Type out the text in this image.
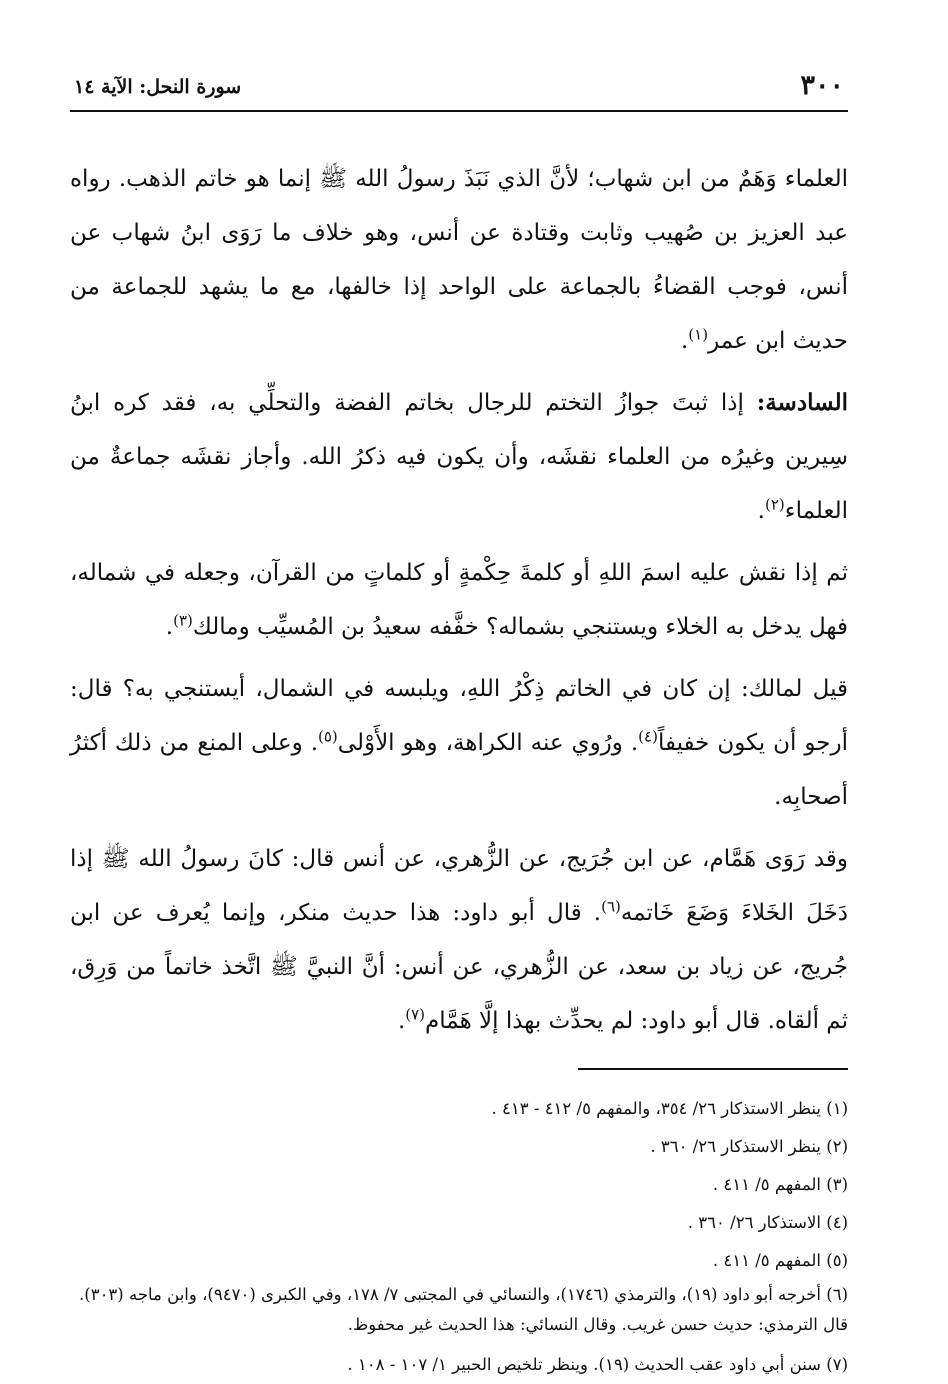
٣٠٠
سورة النحل: الآية ١٤

العلماء وَهَمٌ من ابن شهاب؛ لأنَّ الذي نَبَذَ رسولُ الله ﷺ إنما هو خاتم الذهب. رواه عبد العزيز بن صُهيب وثابت وقتادة عن أنس، وهو خلاف ما رَوَى ابنُ شهاب عن أنس، فوجب القضاءُ بالجماعة على الواحد إذا خالفها، مع ما يشهد للجماعة من حديث ابن عمر$^{(١)}$.

السادسة: إذا ثبتَ جوازُ التختم للرجال بخاتم الفضة والتحلِّي به، فقد كره ابنُ سِيرين وغيرُه من العلماء نقشَه، وأن يكون فيه ذكرُ الله. وأجاز نقشَه جماعةٌ من العلماء$^{(٢)}$.

ثم إذا نقش عليه اسمَ اللهِ أو كلمةَ حِكْمةٍ أو كلماتٍ من القرآن، وجعله في شماله، فهل يدخل به الخلاء ويستنجي بشماله؟ خفَّفه سعيدُ بن المُسيِّب ومالك$^{(٣)}$.

قيل لمالك: إن كان في الخاتم ذِكْرُ اللهِ، ويلبسه في الشمال، أيستنجي به؟ قال: أرجو أن يكون خفيفاً$^{(٤)}$. ورُوي عنه الكراهة، وهو الأَوْلى$^{(٥)}$. وعلى المنع من ذلك أكثرُ أصحابِه.

وقد رَوَى هَمَّام، عن ابن جُرَيج، عن الزُّهري، عن أنس قال: كانَ رسولُ الله ﷺ إذا دَخَلَ الخَلاءَ وَضَعَ خَاتمه$^{(٦)}$. قال أبو داود: هذا حديث منكر، وإنما يُعرف عن ابن جُريج، عن زياد بن سعد، عن الزُّهري، عن أنس: أنَّ النبيَّ ﷺ اتَّخذ خاتماً من وَرِق، ثم ألقاه. قال أبو داود: لم يحدِّث بهذا إلَّا هَمَّام$^{(٧)}$.

(١) ينظر الاستذكار ٢٦/ ٣٥٤، والمفهم ٥/ ٤١٢ - ٤١٣ .

(٢) ينظر الاستذكار ٢٦/ ٣٦٠ .

(٣) المفهم ٥/ ٤١١ .

(٤) الاستذكار ٢٦/ ٣٦٠ .

(٥) المفهم ٥/ ٤١١ .

(٦) أخرجه أبو داود (١٩)، والترمذي (١٧٤٦)، والنسائي في المجتبى ٧/ ١٧٨، وفي الكبرى (٩٤٧٠)، وابن ماجه (٣٠٣). قال الترمذي: حديث حسن غريب. وقال النسائي: هذا الحديث غير محفوظ.

(٧) سنن أبي داود عقب الحديث (١٩). وينظر تلخيص الحبير ١/ ١٠٧ - ١٠٨ .
